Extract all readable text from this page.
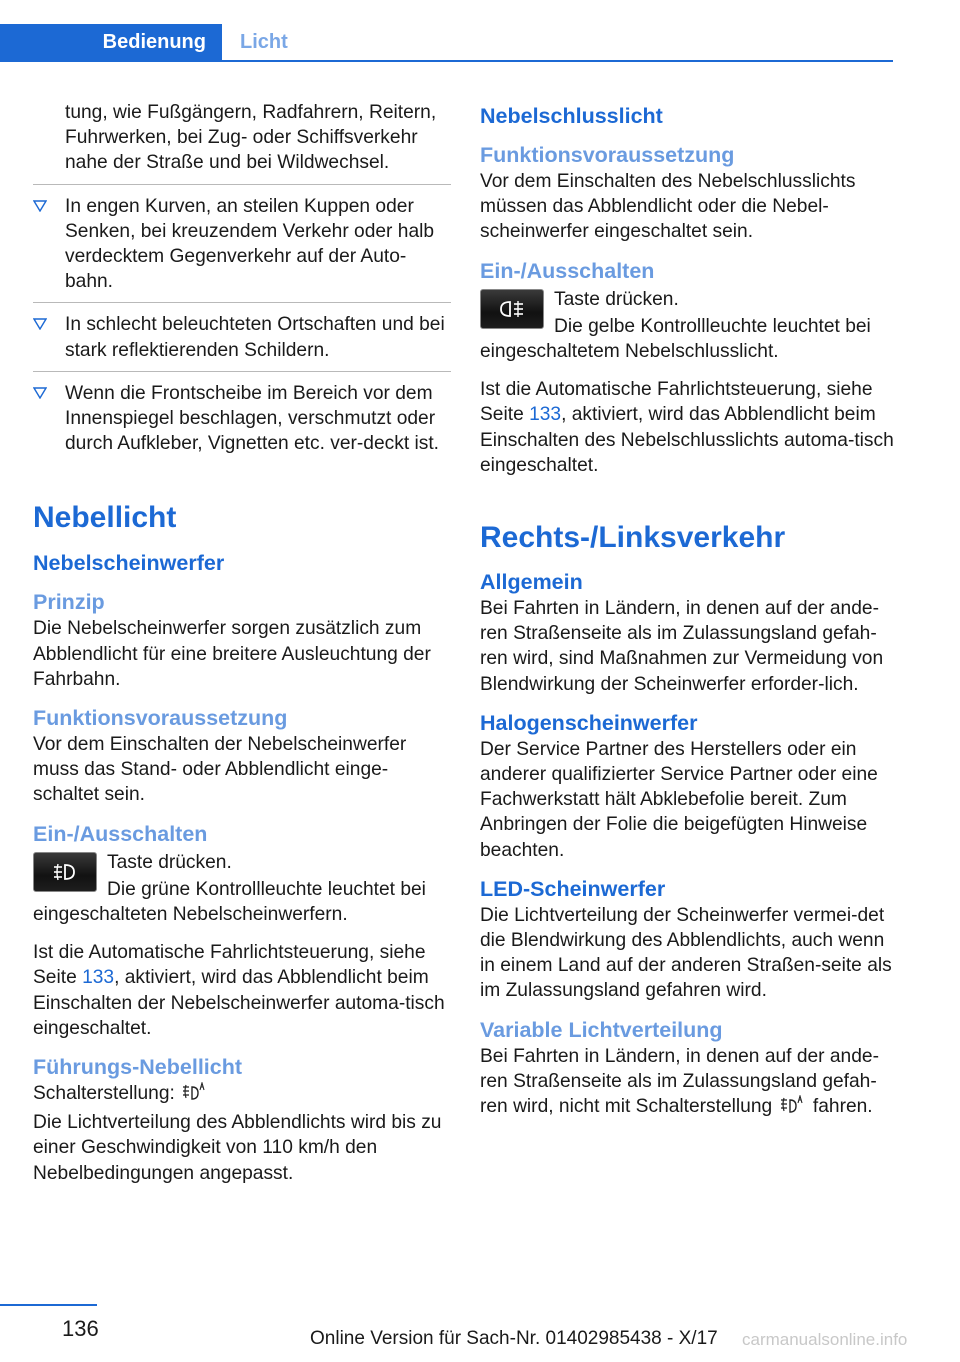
Bedienung	Licht

tung, wie Fußgängern, Radfahrern, Reitern, Fuhrwerken, bei Zug- oder Schiffsverkehr nahe der Straße und bei Wildwechsel.

In engen Kurven, an steilen Kuppen oder Senken, bei kreuzendem Verkehr oder halb verdecktem Gegenverkehr auf der Auto-bahn.

In schlecht beleuchteten Ortschaften und bei stark reflektierenden Schildern.

Wenn die Frontscheibe im Bereich vor dem Innenspiegel beschlagen, verschmutzt oder durch Aufkleber, Vignetten etc. ver-deckt ist.

Nebellicht
Nebelscheinwerfer
Prinzip

Die Nebelscheinwerfer sorgen zusätzlich zum Abblendlicht für eine breitere Ausleuchtung der Fahrbahn.

Funktionsvoraussetzung

Vor dem Einschalten der Nebelscheinwerfer muss das Stand- oder Abblendlicht einge-schaltet sein.

Ein-/Ausschalten

Taste drücken.

Die grüne Kontrollleuchte leuchtet bei

eingeschalteten Nebelscheinwerfern.

Ist die Automatische Fahrlichtsteuerung, siehe Seite 133, aktiviert, wird das Abblendlicht beim Einschalten der Nebelscheinwerfer automa-tisch eingeschaltet.

Führungs-Nebellicht

Schalterstellung:

Die Lichtverteilung des Abblendlichts wird bis zu einer Geschwindigkeit von 110 km/h den Nebelbedingungen angepasst.

Nebelschlusslicht
Funktionsvoraussetzung

Vor dem Einschalten des Nebelschlusslichts müssen das Abblendlicht oder die Nebel-scheinwerfer eingeschaltet sein.

Ein-/Ausschalten

Taste drücken.

Die gelbe Kontrollleuchte leuchtet bei

eingeschaltetem Nebelschlusslicht.

Ist die Automatische Fahrlichtsteuerung, siehe Seite 133, aktiviert, wird das Abblendlicht beim Einschalten des Nebelschlusslichts automa-tisch eingeschaltet.

Rechts-/Linksverkehr
Allgemein

Bei Fahrten in Ländern, in denen auf der ande-ren Straßenseite als im Zulassungsland gefah-ren wird, sind Maßnahmen zur Vermeidung von Blendwirkung der Scheinwerfer erforder-lich.

Halogenscheinwerfer

Der Service Partner des Herstellers oder ein anderer qualifizierter Service Partner oder eine Fachwerkstatt hält Abklebefolie bereit. Zum Anbringen der Folie die beigefügten Hinweise beachten.

LED-Scheinwerfer

Die Lichtverteilung der Scheinwerfer vermei-det die Blendwirkung des Abblendlichts, auch wenn in einem Land auf der anderen Straßen-seite als im Zulassungsland gefahren wird.

Variable Lichtverteilung

Bei Fahrten in Ländern, in denen auf der ande-ren Straßenseite als im Zulassungsland gefah-ren wird, nicht mit Schalterstellung fahren.

136	Online Version für Sach-Nr. 01402985438 - X/17 carmanualsonline.info
